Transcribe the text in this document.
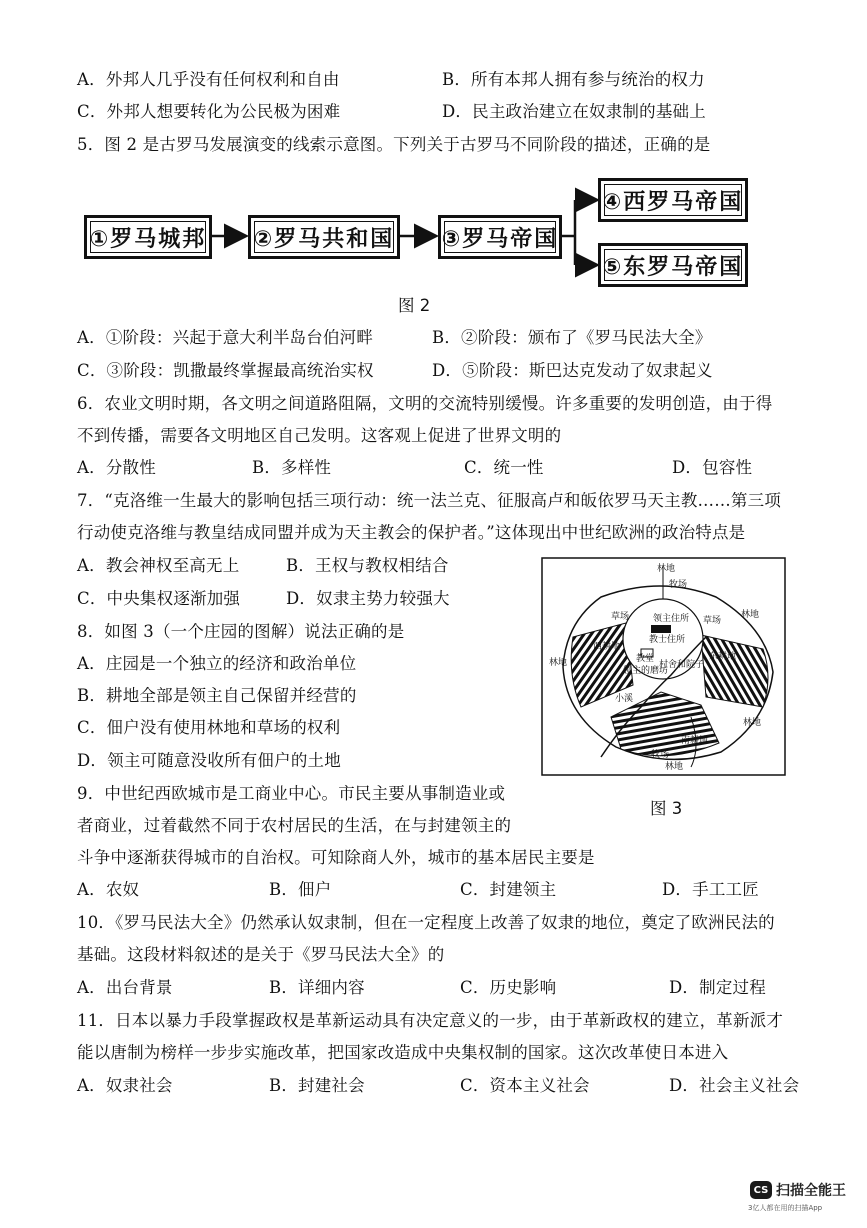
A．外邦人几乎没有任何权利和自由	B．所有本邦人拥有参与统治的权力
C．外邦人想要转化为公民极为困难	D．民主政治建立在奴隶制的基础上
5．图 2 是古罗马发展演变的线索示意图。下列关于古罗马不同阶段的描述，正确的是
①罗马城邦 ②罗马共和国 ③罗马帝国
④西罗马帝国
⑤东罗马帝国
图 2
A．①阶段：兴起于意大利半岛台伯河畔	B．②阶段：颁布了《罗马民法大全》
C．③阶段：凯撒最终掌握最高统治实权	D．⑤阶段：斯巴达克发动了奴隶起义
6．农业文明时期，各文明之间道路阻隔，文明的交流特别缓慢。许多重要的发明创造，由于得
不到传播，需要各文明地区自己发明。这客观上促进了世界文明的
A．分散性	B．多样性	C．统一性	D．包容性
7．“克洛维一生最大的影响包括三项行动：统一法兰克、征服高卢和皈依罗马天主教……第三项
行动使克洛维与教皇结成同盟并成为天主教会的保护者。”这体现出中世纪欧洲的政治特点是
A．教会神权至高无上	B．王权与教权相结合
C．中央集权逐渐加强	D．奴隶主势力较强大
8．如图 3（一个庄园的图解）说法正确的是
A．庄园是一个独立的经济和政治单位
B．耕地全部是领主自己保留并经营的
C．佃户没有使用林地和草场的权利
D．领主可随意没收所有佃户的土地
林地
牧场
领主住所
教士住所
教堂
草场	草场
西耕地
东耕地
林地
林地
林地
领主的磨坊
村舍和院子
小溪
南耕地
牧场
林地
图 3
9．中世纪西欧城市是工商业中心。市民主要从事制造业或
者商业，过着截然不同于农村居民的生活，在与封建领主的
斗争中逐渐获得城市的自治权。可知除商人外，城市的基本居民主要是
A．农奴	B．佃户	C．封建领主	D．手工工匠
10．《罗马民法大全》仍然承认奴隶制，但在一定程度上改善了奴隶的地位，奠定了欧洲民法的
基础。这段材料叙述的是关于《罗马民法大全》的
A．出台背景	B．详细内容	C．历史影响	D．制定过程
11．日本以暴力手段掌握政权是革新运动具有决定意义的一步，由于革新政权的建立，革新派才
能以唐制为榜样一步步实施改革，把国家改造成中央集权制的国家。这次改革使日本进入
A．奴隶社会	B．封建社会	C．资本主义社会	D．社会主义社会
CS 扫描全能王
3亿人都在用的扫描App
